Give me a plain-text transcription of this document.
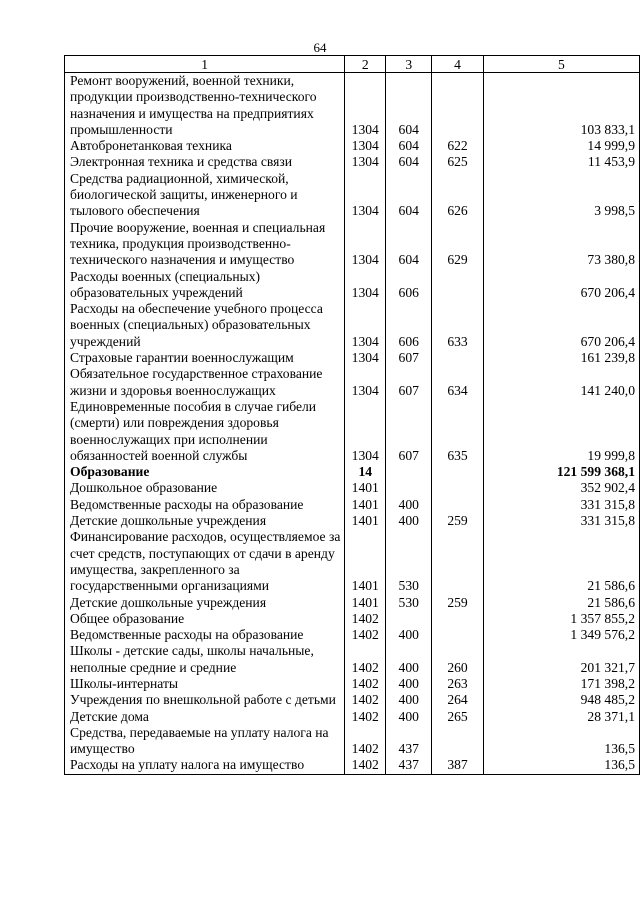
64
1	2	3	4	5
Ремонт вооружений, военной техники, продукции производственно-технического назначения и имущества на предприятиях промышленности	1304	604		103 833,1
Автобронетанковая техника	1304	604	622	14 999,9
Электронная техника и средства связи	1304	604	625	11 453,9
Средства радиационной, химической, биологической защиты, инженерного и тылового обеспечения	1304	604	626	3 998,5
Прочие вооружение, военная и специальная техника, продукция производственно-технического назначения и имущество	1304	604	629	73 380,8
Расходы военных (специальных) образовательных учреждений	1304	606		670 206,4
Расходы на обеспечение учебного процесса военных (специальных) образовательных учреждений	1304	606	633	670 206,4
Страховые гарантии военнослужащим	1304	607		161 239,8
Обязательное государственное страхование жизни и здоровья военнослужащих	1304	607	634	141 240,0
Единовременные пособия в случае гибели (смерти) или повреждения здоровья военнослужащих при исполнении обязанностей военной службы	1304	607	635	19 999,8
Образование	14			121 599 368,1
Дошкольное образование	1401			352 902,4
Ведомственные расходы на образование	1401	400		331 315,8
Детские дошкольные учреждения	1401	400	259	331 315,8
Финансирование расходов, осуществляемое за счет средств, поступающих от сдачи в аренду имущества, закрепленного за государственными организациями	1401	530		21 586,6
Детские дошкольные учреждения	1401	530	259	21 586,6
Общее образование	1402			1 357 855,2
Ведомственные расходы на образование	1402	400		1 349 576,2
Школы - детские сады, школы начальные, неполные средние и средние	1402	400	260	201 321,7
Школы-интернаты	1402	400	263	171 398,2
Учреждения по внешкольной работе с детьми	1402	400	264	948 485,2
Детские дома	1402	400	265	28 371,1
Средства, передаваемые на уплату налога на имущество	1402	437		136,5
Расходы на уплату налога на имущество	1402	437	387	136,5
